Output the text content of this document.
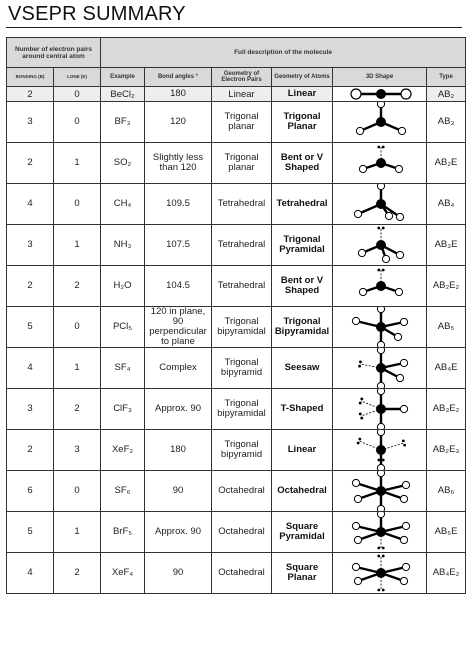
VSEPR SUMMARY
Number of electron pairs around central atom		Full description of the molecule					
BONDING (B)	LONE (E)	Example	Bond angles °	Geometry of Electron Pairs	Geometry of Atoms	3D Shape	Type
2	0	BeCl₂	180	Linear	Linear		AB₂
3	0	BF₃	120	Trigonal planar	Trigonal Planar		AB₃
2	1	SO₂	Slightly less than 120	Trigonal planar	Bent or V Shaped		AB₂E
4	0	CH₄	109.5	Tetrahedral	Tetrahedral		AB₄
3	1	NH₃	107.5	Tetrahedral	Trigonal Pyramidal		AB₃E
2	2	H₂O	104.5	Tetrahedral	Bent or V Shaped		AB₂E₂
5	0	PCl₅	120 in plane, 90 perpendicular to plane	Trigonal bipyramidal	Trigonal Bipyramidal		AB₅
4	1	SF₄	Complex	Trigonal bipyramid	Seesaw		AB₄E
3	2	ClF₃	Approx. 90	Trigonal bipyramidal	T-Shaped		AB₃E₂
2	3	XeF₂	180	Trigonal bipyramid	Linear		AB₂E₃
6	0	SF₆	90	Octahedral	Octahedral		AB₆
5	1	BrF₅	Approx. 90	Octahedral	Square Pyramidal		AB₅E
4	2	XeF₄	90	Octahedral	Square Planar		AB₄E₂
